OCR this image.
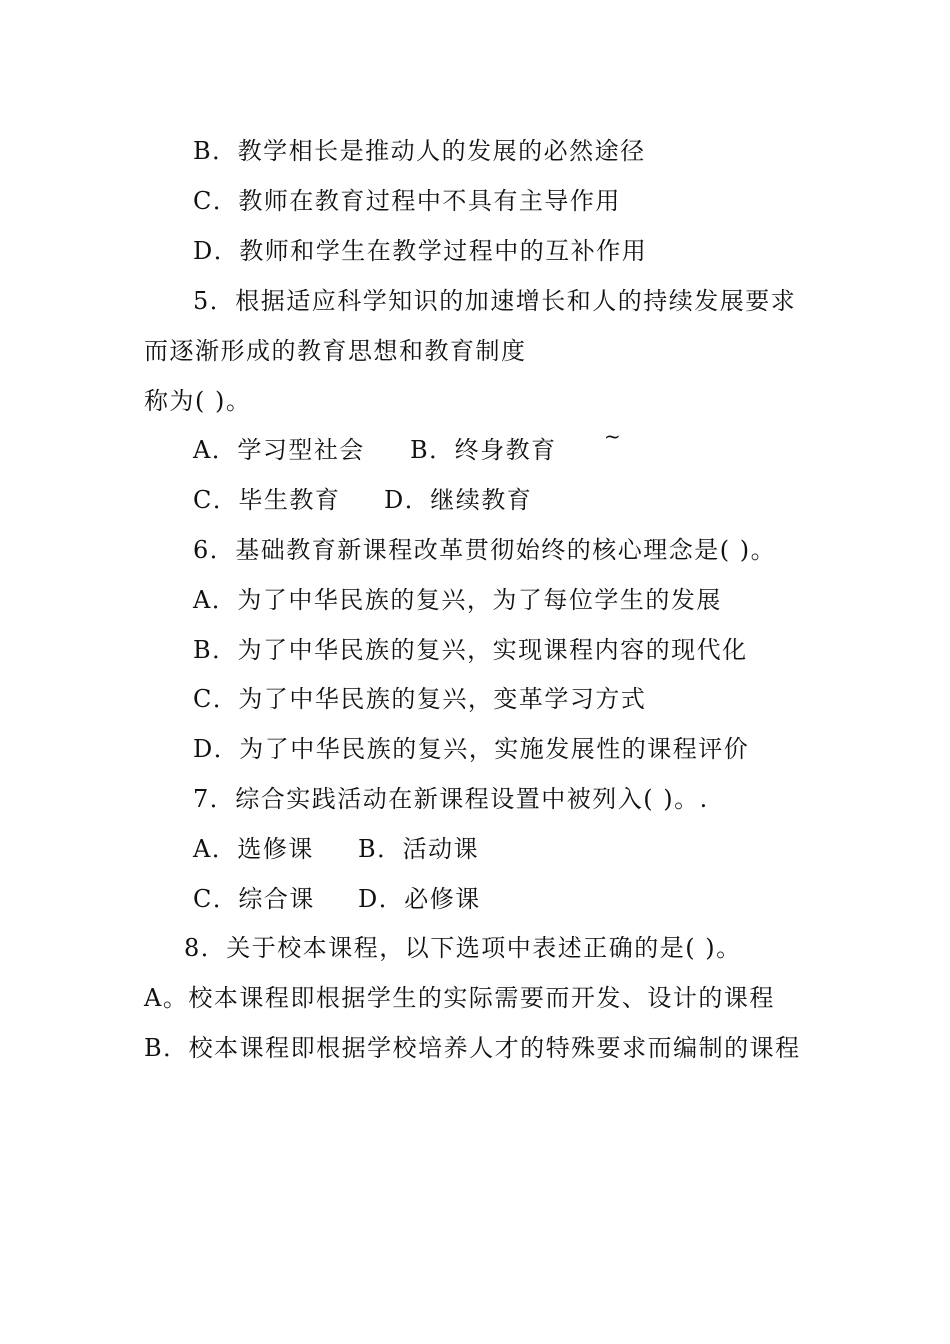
B．教学相长是推动人的发展的必然途径
C．教师在教育过程中不具有主导作用
D．教师和学生在教学过程中的互补作用
5．根据适应科学知识的加速增长和人的持续发展要求
而逐渐形成的教育思想和教育制度
称为( )。
A．学习型社会 B．终身教育 ~
C．毕生教育 D．继续教育
6．基础教育新课程改革贯彻始终的核心理念是( )。
A．为了中华民族的复兴，为了每位学生的发展
B．为了中华民族的复兴，实现课程内容的现代化
C．为了中华民族的复兴，变革学习方式
D．为了中华民族的复兴，实施发展性的课程评价
7．综合实践活动在新课程设置中被列入( )。.
A．选修课 B．活动课
C．综合课 D．必修课
8．关于校本课程，以下选项中表述正确的是( )。
A。校本课程即根据学生的实际需要而开发、设计的课程
B．校本课程即根据学校培养人才的特殊要求而编制的课程
